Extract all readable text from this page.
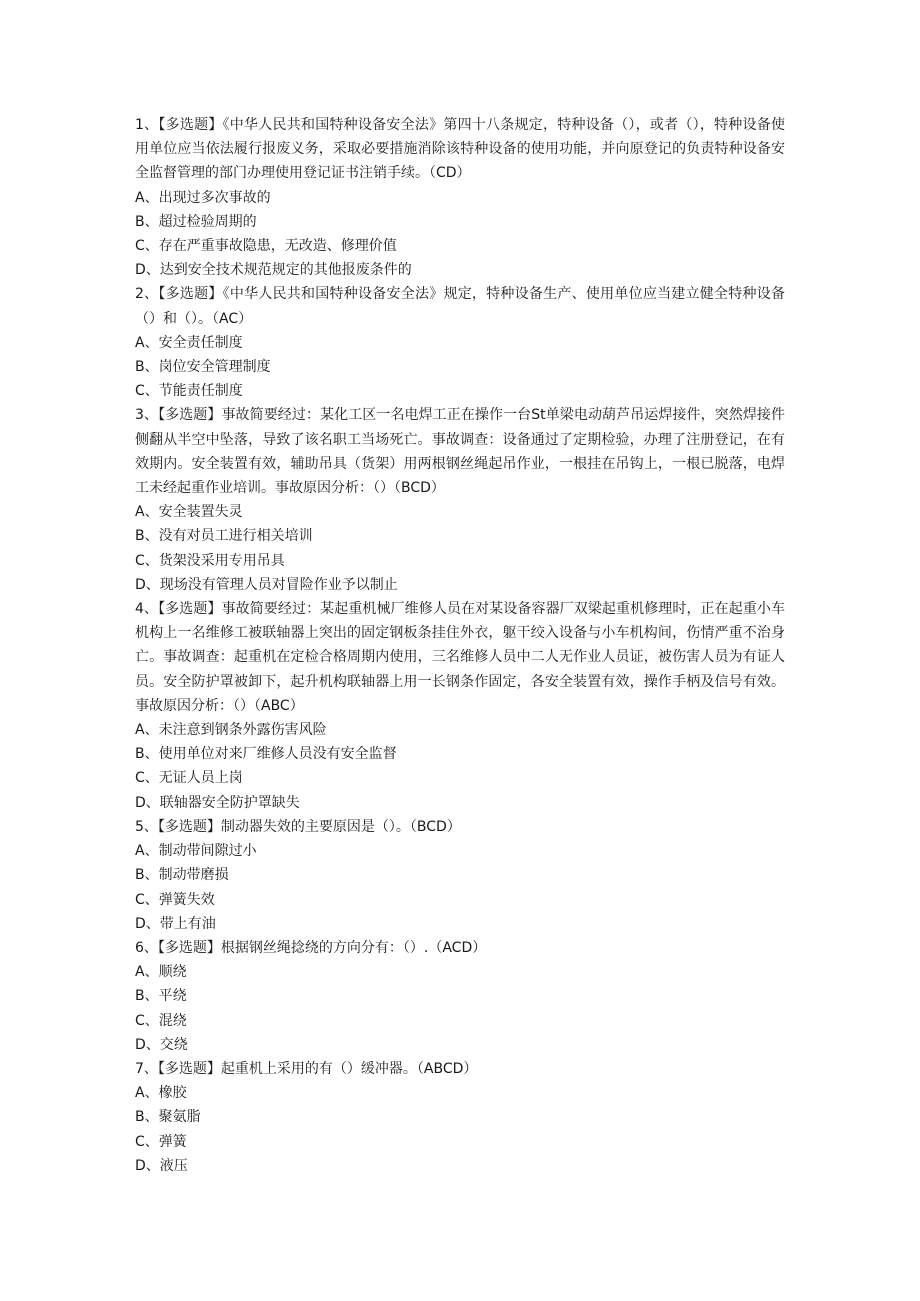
1、【多选题】《中华人民共和国特种设备安全法》第四十八条规定，特种设备（），或者（），特种设备使用单位应当依法履行报废义务，采取必要措施消除该特种设备的使用功能，并向原登记的负责特种设备安全监督管理的部门办理使用登记证书注销手续。（CD）

A、出现过多次事故的

B、超过检验周期的

C、存在严重事故隐患，无改造、修理价值

D、达到安全技术规范规定的其他报废条件的

2、【多选题】《中华人民共和国特种设备安全法》规定，特种设备生产、使用单位应当建立健全特种设备（）和（）。（AC）

A、安全责任制度

B、岗位安全管理制度

C、节能责任制度

3、【多选题】事故简要经过：某化工区一名电焊工正在操作一台St单梁电动葫芦吊运焊接件，突然焊接件侧翻从半空中坠落，导致了该名职工当场死亡。事故调查：设备通过了定期检验，办理了注册登记，在有效期内。安全装置有效，辅助吊具（货架）用两根钢丝绳起吊作业，一根挂在吊钩上，一根已脱落，电焊工未经起重作业培训。事故原因分析：（）（BCD）

A、安全装置失灵

B、没有对员工进行相关培训

C、货架没采用专用吊具

D、现场没有管理人员对冒险作业予以制止

4、【多选题】事故简要经过：某起重机械厂维修人员在对某设备容器厂双梁起重机修理时，正在起重小车机构上一名维修工被联轴器上突出的固定钢板条挂住外衣，躯干绞入设备与小车机构间，伤情严重不治身亡。事故调查：起重机在定检合格周期内使用，三名维修人员中二人无作业人员证，被伤害人员为有证人员。安全防护罩被卸下，起升机构联轴器上用一长钢条作固定，各安全装置有效，操作手柄及信号有效。事故原因分析：（）（ABC）

A、未注意到钢条外露伤害风险

B、使用单位对来厂维修人员没有安全监督

C、无证人员上岗

D、联轴器安全防护罩缺失

5、【多选题】制动器失效的主要原因是（）。（BCD）

A、制动带间隙过小

B、制动带磨损

C、弹簧失效

D、带上有油

6、【多选题】根据钢丝绳捻绕的方向分有：（）.（ACD）

A、顺绕

B、平绕

C、混绕

D、交绕

7、【多选题】起重机上采用的有（）缓冲器。（ABCD）

A、橡胶

B、聚氨脂

C、弹簧

D、液压
